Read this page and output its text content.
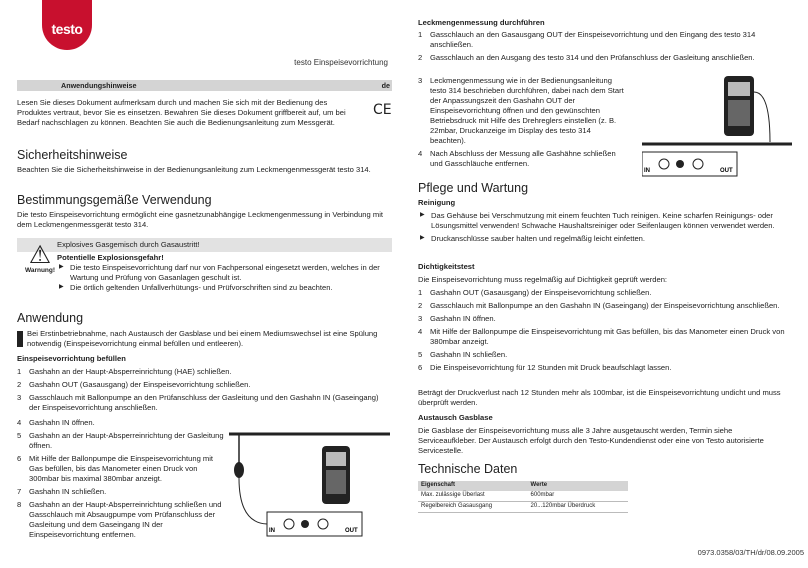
testo
testo Einspeisevorrichtung
Anwendungshinweise	de

Lesen Sie dieses Dokument aufmerksam durch und machen Sie sich mit der Bedienung des Produktes vertraut, bevor Sie es einsetzen. Bewahren Sie dieses Dokument griffbereit auf, um bei Bedarf nachschlagen zu können. Beachten Sie auch die Bedienungsanleitung zum Messgerät.

CE
Sicherheitshinweise

Beachten Sie die Sicherheitshinweise in der Bedienungsanleitung zum Leckmengenmessgerät testo 314.

Bestimmungsgemäße Verwendung

Die testo Einspeisevorrichtung ermöglicht eine gasnetzunabhängige Leckmengenmessung in Verbindung mit dem Leckmengenmessgerät testo 314.

⚠
Warnung!
Explosives Gasgemisch durch Gasaustritt!
Potentielle Explosionsgefahr!
▶ Die testo Einspeisevorrichtung darf nur von Fachpersonal eingesetzt werden, welches in der Wartung und Prüfung von Gasanlagen geschult ist.
▶ Die örtlich geltenden Unfallverhütungs- und Prüfvorschriften sind zu beachten.
Anwendung

Bei Erstinbetriebnahme, nach Austausch der Gasblase und bei einem Mediumswechsel ist eine Spülung notwendig (Einspeisevorrichtung einmal befüllen und entleeren).

Einspeisevorrichtung befüllen
1 Gashahn an der Haupt-Absperreinrichtung (HAE) schließen.
2 Gashahn OUT (Gasausgang) der Einspeisevorrichtung schließen.
3 Gasschlauch mit Ballonpumpe an den Prüfanschluss der Gasleitung und den Gashahn IN (Gaseingang) der Einspeisevorrichtung anschließen.
4 Gashahn IN öffnen.
5 Gashahn an der Haupt-Absperreinrichtung der Gasleitung öffnen.
6 Mit Hilfe der Ballonpumpe die Einspeisevorrichtung mit Gas befüllen, bis das Manometer einen Druck von 300mbar bis maximal 380mbar anzeigt.
7 Gashahn IN schließen.
8 Gashahn an der Haupt-Absperreinrichtung schließen und Gasschlauch mit Absaugpumpe vom Prüfanschluss der Gasleitung und dem Gaseingang IN der Einspeisevorrichtung entfernen.	IN	OUT
Leckmengenmessung durchführen
1 Gasschlauch an den Gasausgang OUT der Einspeisevorrichtung und den Eingang des testo 314 anschließen.
2 Gasschlauch an den Ausgang des testo 314 und den Prüfanschluss der Gasleitung anschließen.
3 Leckmengenmessung wie in der Bedienungsanleitung testo 314 beschrieben durchführen, dabei nach dem Start der Anpassungszeit den Gashahn OUT der Einspeisevorrichtung öffnen und den gewünschten Betriebsdruck mit Hilfe des Drehreglers einstellen (z. B. 22mbar, Druckanzeige im Display des testo 314 beachten).
4 Nach Abschluss der Messung alle Gashähne schließen und Gasschläuche entfernen.
IN	OUT
Pflege und Wartung
Reinigung
▶ Das Gehäuse bei Verschmutzung mit einem feuchten Tuch reinigen. Keine scharfen Reinigungs- oder Lösungsmittel verwenden! Schwache Haushaltsreiniger oder Seifenlaugen können verwendet werden.
▶ Druckanschlüsse sauber halten und regelmäßig leicht einfetten.
Dichtigkeitstest

Die Einspeisevorrichtung muss regelmäßig auf Dichtigkeit geprüft werden:

1 Gashahn OUT (Gasausgang) der Einspeisevorrichtung schließen.
2 Gasschlauch mit Ballonpumpe an den Gashahn IN (Gaseingang) der Einspeisevorrichtung anschließen.
3 Gashahn IN öffnen.
4 Mit Hilfe der Ballonpumpe die Einspeisevorrichtung mit Gas befüllen, bis das Manometer einen Druck von 380mbar anzeigt.
5 Gashahn IN schließen.
6 Die Einspeisevorrichtung für 12 Stunden mit Druck beaufschlagt lassen.

Beträgt der Druckverlust nach 12 Stunden mehr als 100mbar, ist die Einspeisevorrichtung undicht und muss überprüft werden.

Austausch Gasblase

Die Gasblase der Einspeisevorrichtung muss alle 3 Jahre ausgetauscht werden, Termin siehe Serviceaufkleber. Der Austausch erfolgt durch den Testo-Kundendienst oder eine von Testo autorisierte Servicestelle.

Technische Daten
Eigenschaft	Werte
Max. zulässige Überlast	600mbar
Regelbereich Gasausgang	20...120mbar Überdruck
0973.0358/03/TH/dr/08.09.2005
